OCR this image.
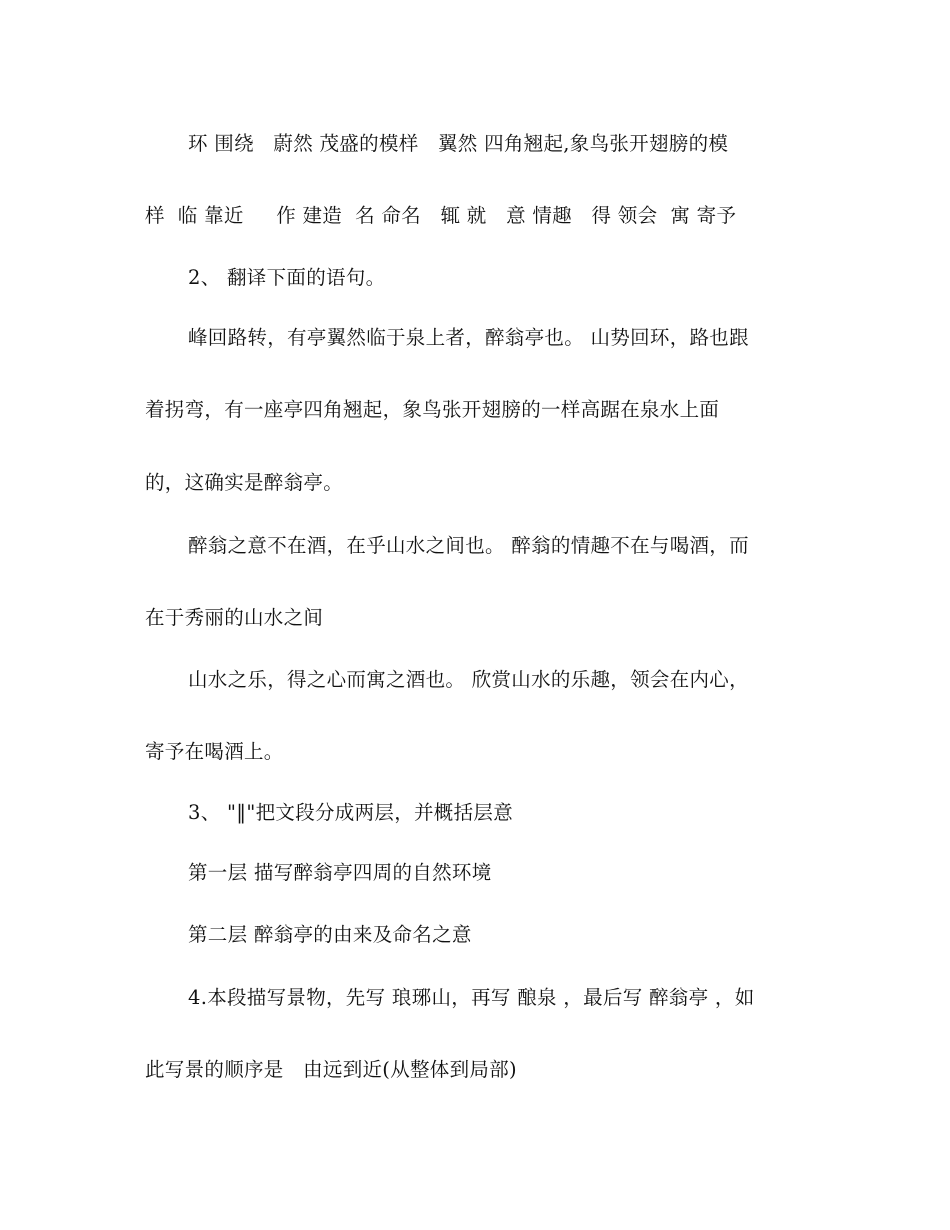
环 围绕   蔚然 茂盛的模样   翼然 四角翘起,象鸟张开翅膀的模
样  临 靠近     作 建造  名 命名   辄 就   意 情趣   得 领会  寓 寄予
2、 翻译下面的语句。
峰回路转，有亭翼然临于泉上者，醉翁亭也。 山势回环，路也跟
着拐弯，有一座亭四角翘起，象鸟张开翅膀的一样高踞在泉水上面
的，这确实是醉翁亭。
醉翁之意不在酒，在乎山水之间也。 醉翁的情趣不在与喝酒，而
在于秀丽的山水之间
山水之乐，得之心而寓之酒也。 欣赏山水的乐趣，领会在内心，
寄予在喝酒上。
3、 "‖"把文段分成两层，并概括层意
第一层 描写醉翁亭四周的自然环境
第二层 醉翁亭的由来及命名之意
4.本段描写景物，先写 琅琊山，再写 酿泉 ，最后写 醉翁亭 ，如
此写景的顺序是   由远到近(从整体到局部)
